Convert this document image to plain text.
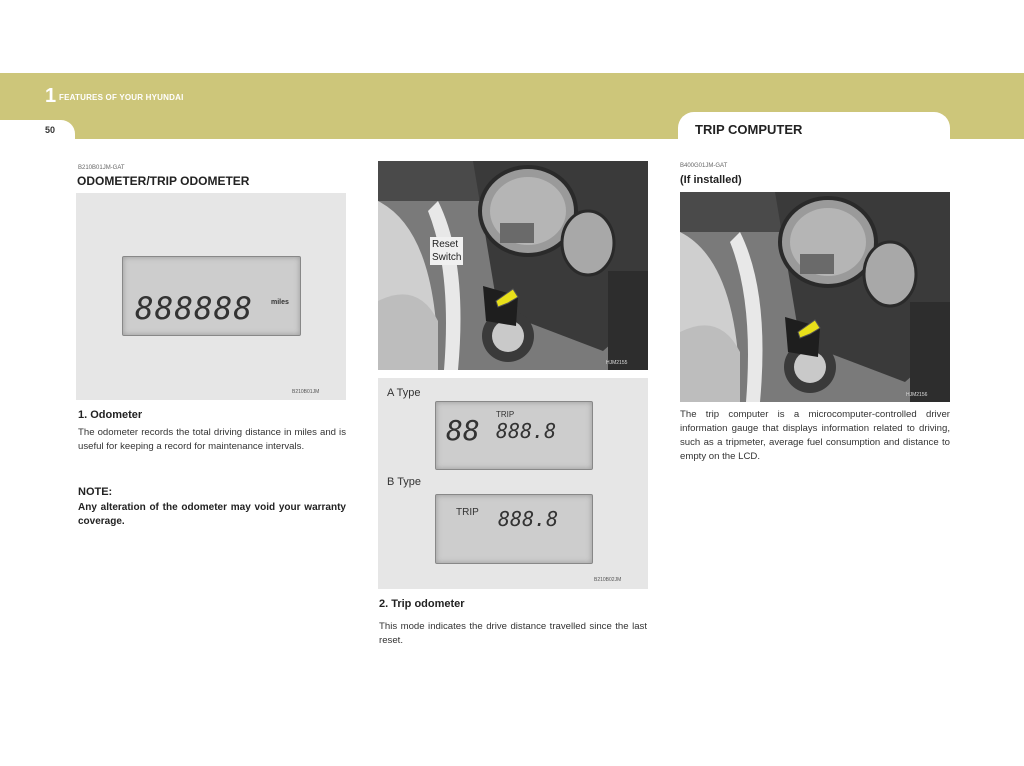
1 FEATURES OF YOUR HYUNDAI
50	TRIP COMPUTER
B210B01JM-GAT
ODOMETER/TRIP ODOMETER
888888	miles
B210B01JM
1. Odometer
The odometer records the total driving distance in miles and is useful for keeping a record for maintenance intervals.
NOTE:
Any alteration of the odometer may void your warranty coverage.
Reset
Switch
HJM2155
A Type
88 TRIP
888.8
B Type
TRIP 888.8
B210B02JM
2. Trip odometer
This mode indicates the drive distance travelled since the last reset.
B400G01JM-GAT
(If installed)
HJM2156
The trip computer is a microcomputer-controlled driver information gauge that displays information related to driving, such as a tripmeter, average fuel consumption and distance to empty on the LCD.
